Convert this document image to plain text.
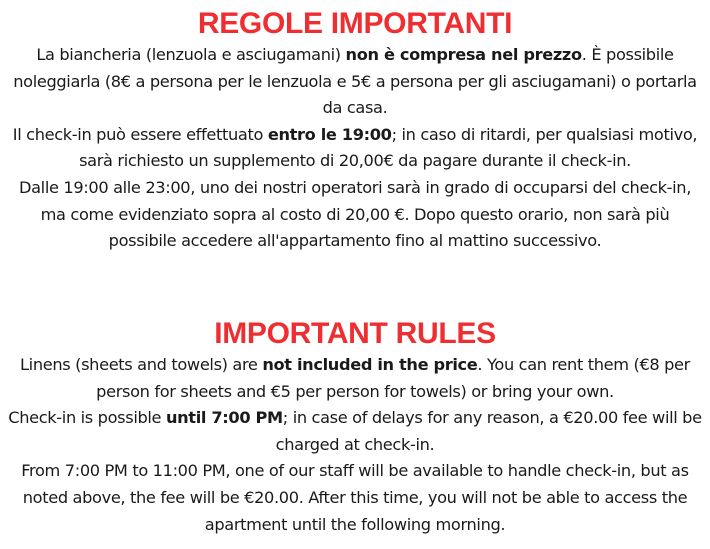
REGOLE IMPORTANTI

La biancheria (lenzuola e asciugamani) non è compresa nel prezzo. È possibile noleggiarla (8€ a persona per le lenzuola e 5€ a persona per gli asciugamani) o portarla da casa.

Il check-in può essere effettuato entro le 19:00; in caso di ritardi, per qualsiasi motivo, sarà richiesto un supplemento di 20,00€ da pagare durante il check-in.

Dalle 19:00 alle 23:00, uno dei nostri operatori sarà in grado di occuparsi del check-in, ma come evidenziato sopra al costo di 20,00 €. Dopo questo orario, non sarà più possibile accedere all'appartamento fino al mattino successivo.

IMPORTANT RULES

Linens (sheets and towels) are not included in the price. You can rent them (€8 per person for sheets and €5 per person for towels) or bring your own.

Check-in is possible until 7:00 PM; in case of delays for any reason, a €20.00 fee will be charged at check-in.

From 7:00 PM to 11:00 PM, one of our staff will be available to handle check-in, but as noted above, the fee will be €20.00. After this time, you will not be able to access the apartment until the following morning.
